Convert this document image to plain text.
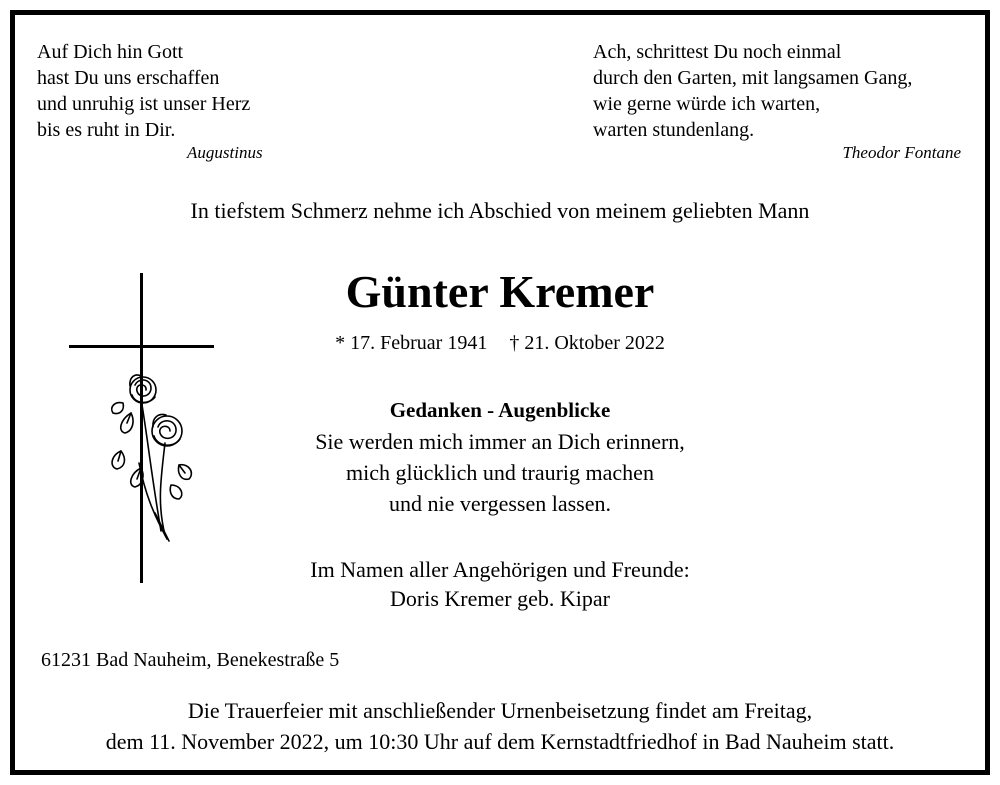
Auf Dich hin Gott
hast Du uns erschaffen
und unruhig ist unser Herz
bis es ruht in Dir.
Augustinus
Ach, schrittest Du noch einmal
durch den Garten, mit langsamen Gang,
wie gerne würde ich warten,
warten stundenlang.
Theodor Fontane
In tiefstem Schmerz nehme ich Abschied von meinem geliebten Mann
Günter Kremer
* 17. Februar 1941 † 21. Oktober 2022
Gedanken - Augenblicke
Sie werden mich immer an Dich erinnern,
mich glücklich und traurig machen
und nie vergessen lassen.
Im Namen aller Angehörigen und Freunde:
Doris Kremer geb. Kipar
61231 Bad Nauheim, Benekestraße 5
Die Trauerfeier mit anschließender Urnenbeisetzung findet am Freitag,
dem 11. November 2022, um 10:30 Uhr auf dem Kernstadtfriedhof in Bad Nauheim statt.
